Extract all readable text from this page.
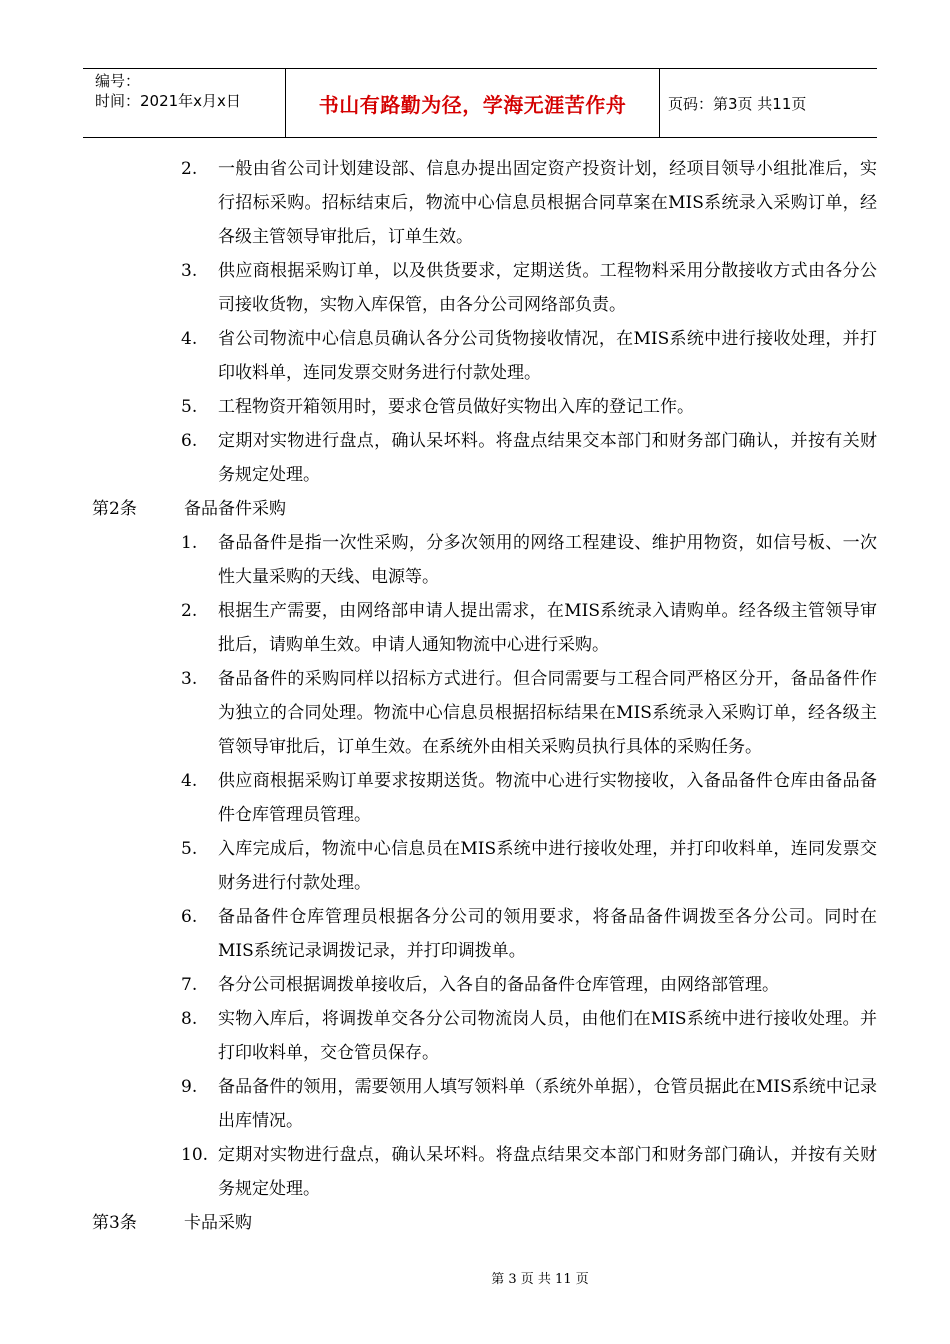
编号：
时间：2021年x月x日	书山有路勤为径，学海无涯苦作舟	页码：第3页 共11页
2. 一般由省公司计划建设部、信息办提出固定资产投资计划，经项目领导小组批准后，实行招标采购。招标结束后，物流中心信息员根据合同草案在MIS系统录入采购订单，经各级主管领导审批后，订单生效。
3. 供应商根据采购订单，以及供货要求，定期送货。工程物料采用分散接收方式由各分公司接收货物，实物入库保管，由各分公司网络部负责。
4. 省公司物流中心信息员确认各分公司货物接收情况，在MIS系统中进行接收处理，并打印收料单，连同发票交财务进行付款处理。
5. 工程物资开箱领用时，要求仓管员做好实物出入库的登记工作。
6. 定期对实物进行盘点，确认呆坏料。将盘点结果交本部门和财务部门确认，并按有关财务规定处理。
第2条	备品备件采购
1. 备品备件是指一次性采购，分多次领用的网络工程建设、维护用物资，如信号板、一次性大量采购的天线、电源等。
2. 根据生产需要，由网络部申请人提出需求，在MIS系统录入请购单。经各级主管领导审批后，请购单生效。申请人通知物流中心进行采购。
3. 备品备件的采购同样以招标方式进行。但合同需要与工程合同严格区分开，备品备件作为独立的合同处理。物流中心信息员根据招标结果在MIS系统录入采购订单，经各级主管领导审批后，订单生效。在系统外由相关采购员执行具体的采购任务。
4. 供应商根据采购订单要求按期送货。物流中心进行实物接收，入备品备件仓库由备品备件仓库管理员管理。
5. 入库完成后，物流中心信息员在MIS系统中进行接收处理，并打印收料单，连同发票交财务进行付款处理。
6. 备品备件仓库管理员根据各分公司的领用要求，将备品备件调拨至各分公司。同时在MIS系统记录调拨记录，并打印调拨单。
7. 各分公司根据调拨单接收后，入各自的备品备件仓库管理，由网络部管理。
8. 实物入库后，将调拨单交各分公司物流岗人员，由他们在MIS系统中进行接收处理。并打印收料单，交仓管员保存。
9. 备品备件的领用，需要领用人填写领料单（系统外单据），仓管员据此在MIS系统中记录出库情况。
10. 定期对实物进行盘点，确认呆坏料。将盘点结果交本部门和财务部门确认，并按有关财务规定处理。
第3条	卡品采购
第 3 页 共 11 页
